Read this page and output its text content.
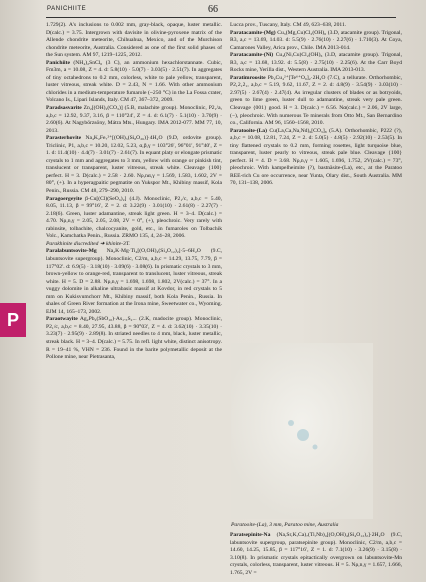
PANICHIITE	66
P

1.729(2). A's inclusions to 0.002 mm, gray-black, opaque, luster metallic. D(calc.) = 3.75. Intergrown with davisite in olivine-pyroxene matrix of the Allende chondrite meteorite, Chihuahua, Mexico, and of the Murchison chondrite meteorite, Australia. Considered as one of the first solid phases of the Sun system. AM 97, 1219–1225, 2012.

Panichiite (NH₄)₂SnCl₆ (3 C), an ammonium hexachlorstannate. Cubic, Fm3m, a = 10.08, Z = 4. d: 5.8(10) · 5.0(7) · 3.03(5) · 2.51(7). In aggregates of tiny octahedrons to 0.2 mm, colorless, white to pale yellow, transparent, luster vitreous, streak white. D = 2.43, N = 1.66. With other ammonium chlorides in a medium-temperature fumarole (~250 °C) in the La Fossa crater, Volcano Is., Lipari Islands, Italy. CM 47, 367–372, 2009.

Paradsasvarite Zn₂[(OH)₂(CO₃)] (5.B, malachite group). Monoclinic, P2₁/a, a,b,c = 12.92, 9.37, 3.16, β = 110°24′, Z = 4. d: 6.1(7) · 5.1(10) · 3.70(9) · 2.60(6). At Nagybörzsöny, Mátra Mts., Hungary. IMA 2012-077. MM 77, 10, 2013.

Parasterhovite Na₄K₂Fe₇²⁺[(OH)₃(Si₈O₂₆)]·4H₂O (9.D, ordovite group). Triclinic, P1, a,b,c = 10.20, 12.02, 5.23, α,β,γ = 103°26′, 96°01′, 91°40′, Z = 1. d: 11.4(10) · 4.4(7) · 3.01(7) · 2.61(7). In equant platy or elongate prismatic crystals to 1 mm and aggregates to 3 mm, yellow with orange or pinkish tint, translucent or transparent, luster vitreous, streak white. Cleavage {100} perfect. H = 3. D(calc.) = 2.58 · 2.60. Nρ,nα,γ = 1.569, 1.583, 1.602, 2V = 80°, (+). In a hyperagpaitic pegmatite on Yukspor Mt., Khibiny massif, Kola Penin., Russia. CM 48, 279–290, 2010.

Paragoergeyite β-Cu[(Cl)(SeO₃)₂] (4.J). Monoclinic, P2₁/c, a,b,c = 5.40, 8.05, 11.13, β = 99°16′, Z = 2. d: 3.22(9) · 3.01(10) · 2.61(8) · 2.27(7) · 2.18(6). Green, luster adamantine, streak light green. H = 3–4. D(calc.) = 4.70. Nρ,n,γ = 2.05, 2.05, 2.08, 2V = 0°, (+), pleochroic. Very rarely with rabinsite, tolbachite, chalcocyanite, gold, etc., in fumaroles on Tolbachik Volc., Kamchatka Penin., Russia. ZRMO 135, 4, 24–28, 2006.

Parakhinite discredited ➜ khinite-3T.

Paralabuntsovite-Mg Na₂K·Mg·Ti₄[(O,OH)₄(Si₄O₁₂)₂]·5–6H₂O (9.C, labuntsovite supergroup). Monoclinic, C2/m, a,b,c = 14.29, 13.75, 7.79, β = 117°02′. d: 6.9(5) · 3.18(10) · 3.09(6) · 3.08(6). In prismatic crystals to 3 mm, brown-yellow to orange-red, transparent to translucent, luster vitreous, streak white. H = 5. D = 2.88. Nρ,n,γ = 1.698, 1.698, 1.802, 2V(calc.) = 37°. In a vuggy dolomite in alkaline ultrabasic massif at Kovdor, in red crystals to 5 mm on Kukisvumchorr Mt., Khibiny massif, both Kola Penin., Russia. In shales of Green River formation at the Irona mine, Sweetwater co., Wyoming. EJM 14, 165–173, 2002.

Paraotwayite Ag₂Pb₂(SbO₁₀)·As₁.₅S₂... (2.K, madocite group). Monoclinic, P2₁/c, a,b,c = 8.40, 27.95, 43.88, β = 90°03′, Z = 4. d: 3.62(10) · 3.35(10) · 3.23(7) · 2.95(9) · 2.89(8). In striated needles to 4 mm, black, luster metallic, streak black. H = 3–4. D(calc.) = 5.75. In refl. light white, distinct anisotropy. R = 19–41 %, VHN = 236. Found in the barite polymetallic deposit at the Pollone mine, near Pietrasanta,

Lucca prov., Tuscany, Italy. CM 49, 623–638, 2011.

Paratacamite-(Mg) Cu₃(Mg,Cu)Cl₂(OH)₆ (3.D, atacamite group). Trigonal, R3, a,c = 13.69, 14.03. d: 5.5(9) · 2.76(10) · 2.27(6) · 1.710(3). At Coya, Camarones Valley, Arica prov., Chile. IMA 2013-014.

Paratacamite-(Ni) Cu₃(Ni,Cu)Cl₂(OH)₆ (3.D, atacamite group). Trigonal, R3, a,c = 13.68, 13.92. d: 5.5(8) · 2.75(10) · 2.25(6). At the Carr Boyd Rocks mine, Yerilla dist., Western Australia. IMA 2013-013.

Paratimroosite Pb₂Cu₄²⁺[Te⁶⁺O₆]₂·2H₂O (7.C), a tellurate. Orthorhombic, P2₁2₁2₁, a,b,c = 5.19, 9.62, 11.67, Z = 2. d: 4.8(9) · 3.54(9) · 3.03(10) · 2.97(5) · 2.67(4) · 2.47(4). As irregular clusters of blades or as botryoids, green to lime green, luster dull to adamantine, streak very pale green. Cleavage {001} good. H = 3. D(calc.) = 6.56. Nα(calc.) = 2.06, 2V large, (−), pleochroic. With numerous Te minerals from Otto Mt., San Bernardino co., California. AM 96, 1560–1568, 2010.

Paratooite-(La) Cu(La,Ca,Na,Nd)₆[CO₃]₈ (5.A). Orthorhombic, P222 (?), a,b,c = 10.08, 12.81, 7.24, Z = 2. d: 5.0(5) · 4.8(5) · 2.92(10) · 2.53(5). In tiny flattened crystals to 0.2 mm, forming rosettes, light turquoise blue, transparent, luster pearly to vitreous, streak pale blue. Cleavage {100} perfect. H = 4. D = 3.68. Nρ,n,γ = 1.605, 1.696, 1.752, 2V(calc.) = 73°, pleochroic. With kampelheimite (?), bastnäsite-(La), etc., at the Paratoo REE-rich Cu ore occurrence, near Yunta, Olary dist., South Australia. MM 70, 131–138, 2006.

Paratooite-(La), 3 mm, Paratoo mine, Australia

Paratsepinite-Na (Na,Sr,K,Ca)₇(Ti,Nb)₄[(O,OH)₄(Si₄O₁₂)₂]·2H₂O (9.C, labuntsovite supergroup, paratsepinite group). Monoclinic, C2/m, a,b,c = 14.60, 14.25, 15.85, β = 117°16′, Z = 1. d: 7.1(10) · 3.26(9) · 3.15(8) · 3.10(8). In prismatic crystals epitactically overgrown on labuntsovite-Mn crystals, colorless, transparent, luster vitreous. H = 5. Nρ,n,γ = 1.657, 1.666, 1.765, 2V =
